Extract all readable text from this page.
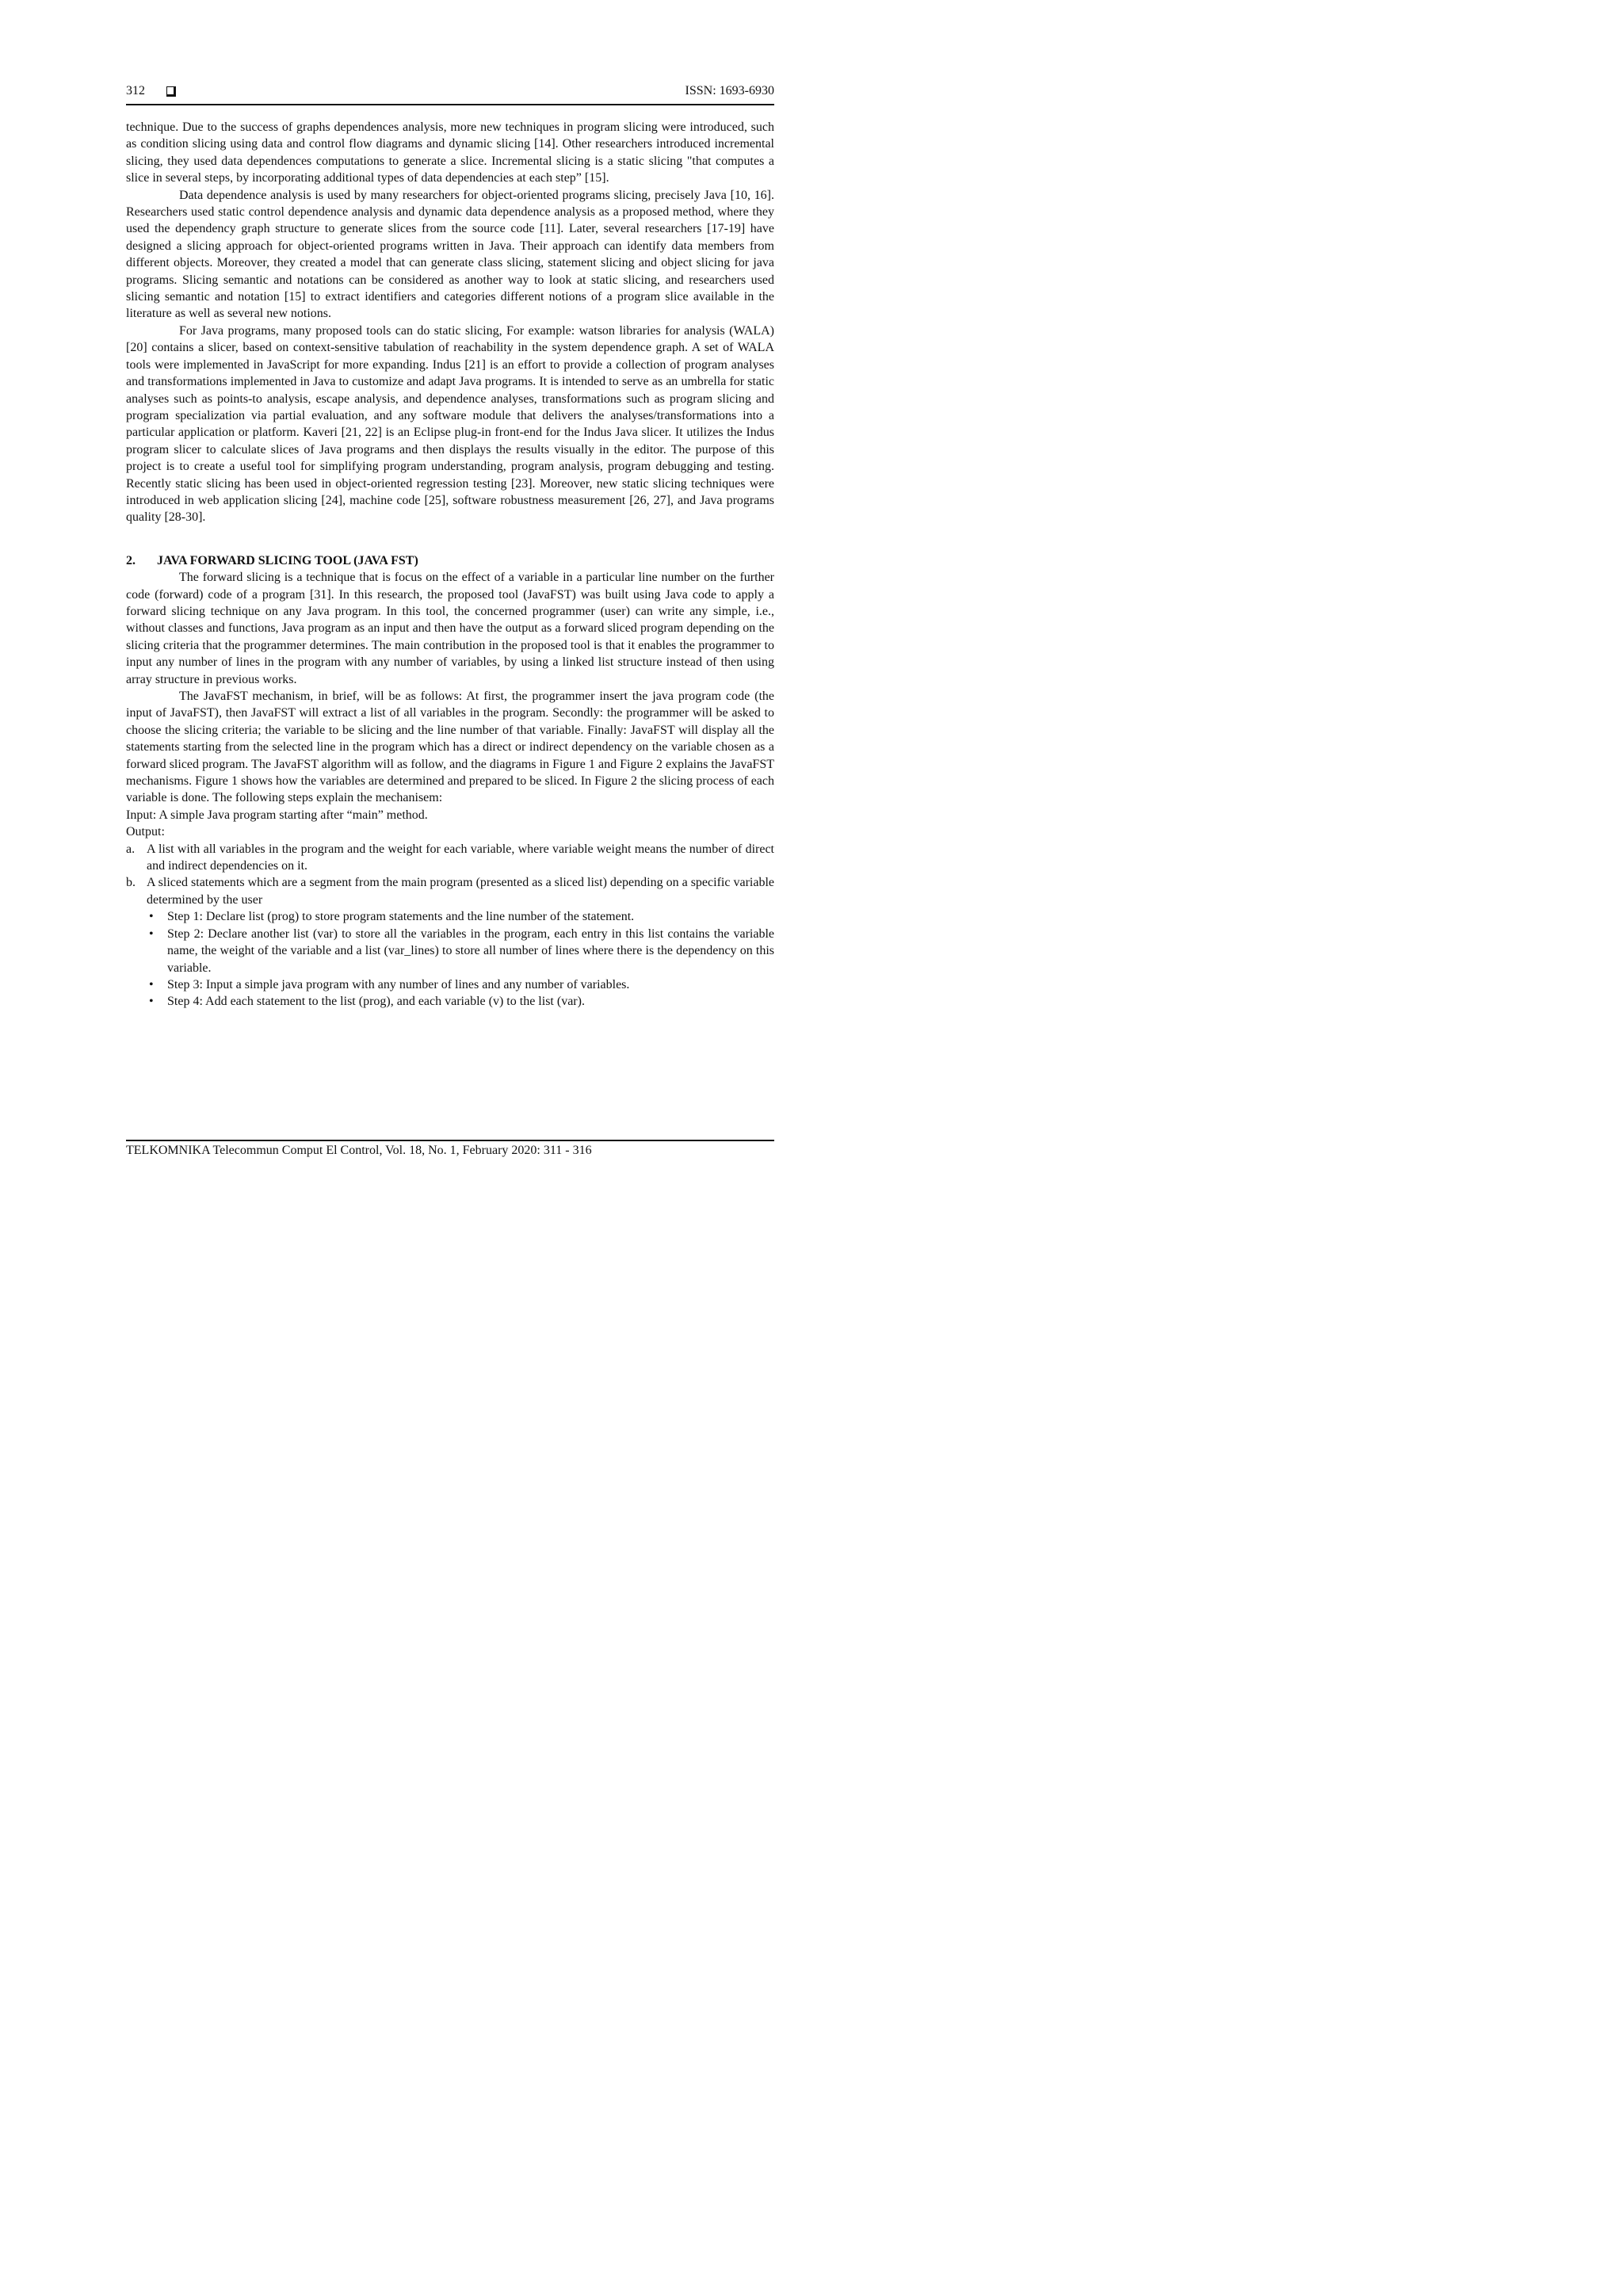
312	ISSN: 1693-6930

technique. Due to the success of graphs dependences analysis, more new techniques in program slicing were introduced, such as condition slicing using data and control flow diagrams and dynamic slicing [14]. Other researchers introduced incremental slicing, they used data dependences computations to generate a slice. Incremental slicing is a static slicing "that computes a slice in several steps, by incorporating additional types of data dependencies at each step” [15].

Data dependence analysis is used by many researchers for object-oriented programs slicing, precisely Java [10, 16]. Researchers used static control dependence analysis and dynamic data dependence analysis as a proposed method, where they used the dependency graph structure to generate slices from the source code [11]. Later, several researchers [17-19] have designed a slicing approach for object-oriented programs written in Java. Their approach can identify data members from different objects. Moreover, they created a model that can generate class slicing, statement slicing and object slicing for java programs. Slicing semantic and notations can be considered as another way to look at static slicing, and researchers used slicing semantic and notation [15] to extract identifiers and categories different notions of a program slice available in the literature as well as several new notions.

For Java programs, many proposed tools can do static slicing, For example: watson libraries for analysis (WALA) [20] contains a slicer, based on context-sensitive tabulation of reachability in the system dependence graph. A set of WALA tools were implemented in JavaScript for more expanding. Indus [21] is an effort to provide a collection of program analyses and transformations implemented in Java to customize and adapt Java programs. It is intended to serve as an umbrella for static analyses such as points-to analysis, escape analysis, and dependence analyses, transformations such as program slicing and program specialization via partial evaluation, and any software module that delivers the analyses/transformations into a particular application or platform. Kaveri [21, 22] is an Eclipse plug-in front-end for the Indus Java slicer. It utilizes the Indus program slicer to calculate slices of Java programs and then displays the results visually in the editor. The purpose of this project is to create a useful tool for simplifying program understanding, program analysis, program debugging and testing. Recently static slicing has been used in object-oriented regression testing [23]. Moreover, new static slicing techniques were introduced in web application slicing [24], machine code [25], software robustness measurement [26, 27], and Java programs quality [28-30].

2. JAVA FORWARD SLICING TOOL (JAVA FST)

The forward slicing is a technique that is focus on the effect of a variable in a particular line number on the further code (forward) code of a program [31]. In this research, the proposed tool (JavaFST) was built using Java code to apply a forward slicing technique on any Java program. In this tool, the concerned programmer (user) can write any simple, i.e., without classes and functions, Java program as an input and then have the output as a forward sliced program depending on the slicing criteria that the programmer determines. The main contribution in the proposed tool is that it enables the programmer to input any number of lines in the program with any number of variables, by using a linked list structure instead of then using array structure in previous works.

The JavaFST mechanism, in brief, will be as follows: At first, the programmer insert the java program code (the input of JavaFST), then JavaFST will extract a list of all variables in the program. Secondly: the programmer will be asked to choose the slicing criteria; the variable to be slicing and the line number of that variable. Finally: JavaFST will display all the statements starting from the selected line in the program which has a direct or indirect dependency on the variable chosen as a forward sliced program. The JavaFST algorithm will as follow, and the diagrams in Figure 1 and Figure 2 explains the JavaFST mechanisms. Figure 1 shows how the variables are determined and prepared to be sliced. In Figure 2 the slicing process of each variable is done. The following steps explain the mechanisem:

Input: A simple Java program starting after “main” method.

Output:

a. A list with all variables in the program and the weight for each variable, where variable weight means the number of direct and indirect dependencies on it.
b. A sliced statements which are a segment from the main program (presented as a sliced list) depending on a specific variable determined by the user
• Step 1: Declare list (prog) to store program statements and the line number of the statement.
• Step 2: Declare another list (var) to store all the variables in the program, each entry in this list contains the variable name, the weight of the variable and a list (var_lines) to store all number of lines where there is the dependency on this variable.
• Step 3: Input a simple java program with any number of lines and any number of variables.
• Step 4: Add each statement to the list (prog), and each variable (v) to the list (var).
TELKOMNIKA Telecommun Comput El Control, Vol. 18, No. 1, February 2020: 311 - 316
